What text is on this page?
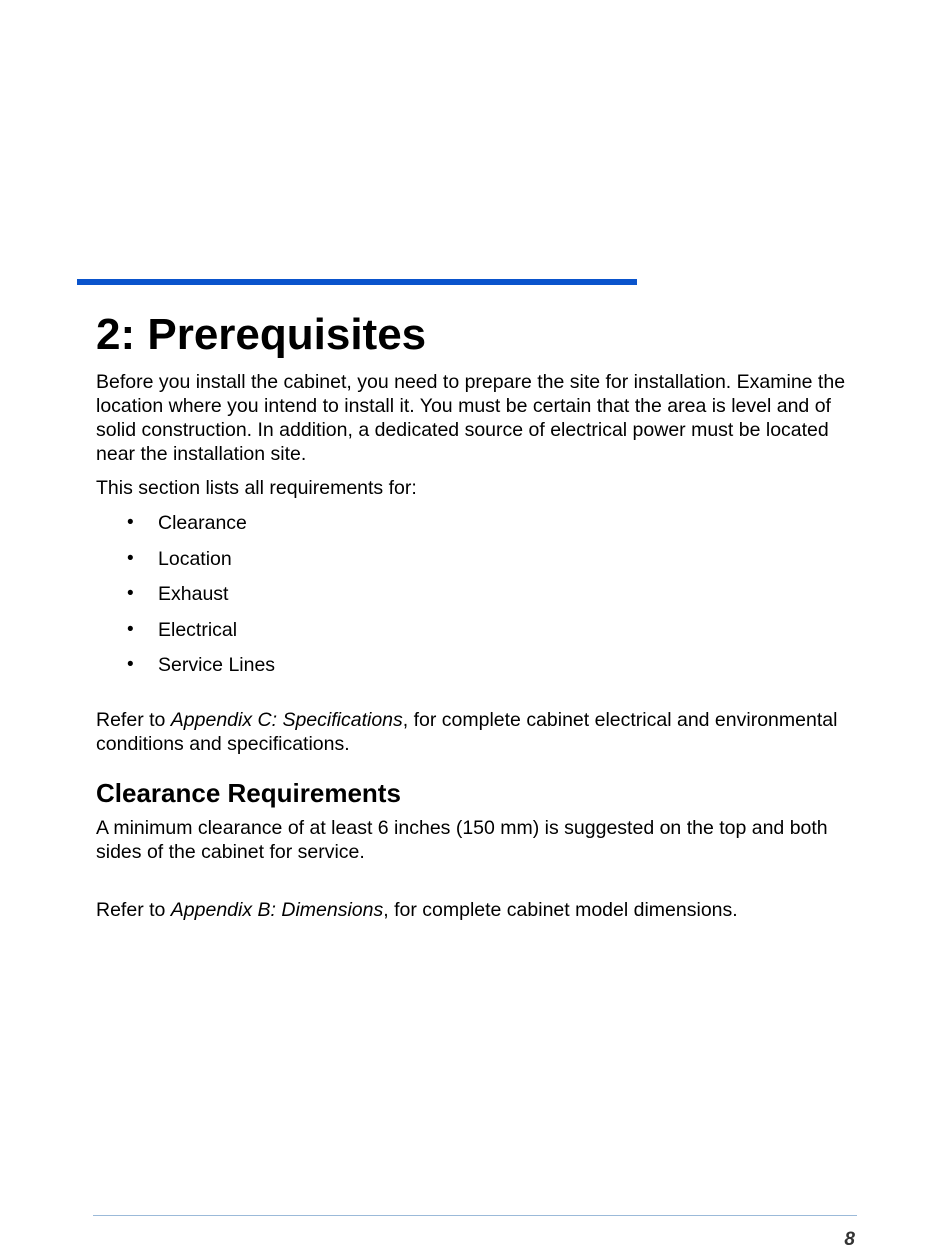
2: Prerequisites

Before you install the cabinet, you need to prepare the site for installation. Examine the location where you intend to install it. You must be certain that the area is level and of solid construction. In addition, a dedicated source of electrical power must be located near the installation site.

This section lists all requirements for:

• Clearance
• Location
• Exhaust
• Electrical
• Service Lines

Refer to Appendix C: Specifications, for complete cabinet electrical and environmental conditions and specifications.

Clearance Requirements

A minimum clearance of at least 6 inches (150 mm) is suggested on the top and both sides of the cabinet for service.

Refer to Appendix B: Dimensions, for complete cabinet model dimensions.

8
